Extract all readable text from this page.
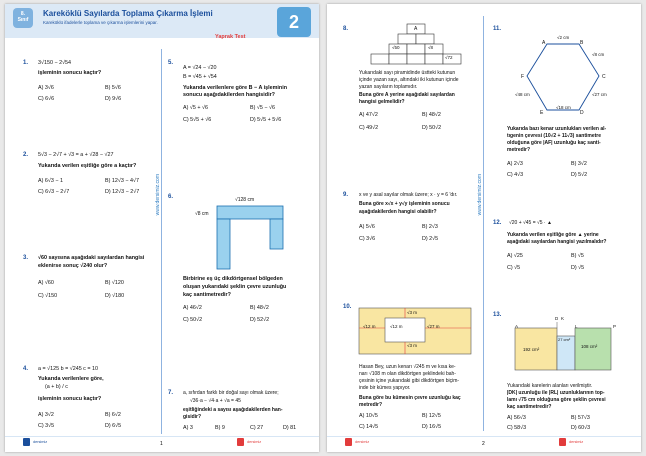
8.
Sınıf
Kareköklü Sayılarda Toplama Çıkarma İşlemi
Kareköklü ifadelerle toplama ve çıkarma işlemlerini yapar.
Yaprak Test
2
www.dersimiz.com
1. 3√150 − 2√54
işleminin sonucu kaçtır?
A) 3√6	B) 5√6
C) 6√6	D) 9√6
2. 5√3 − 2√7 + √3 = a + √28 − √27
Yukarıda verilen eşitliğe göre a kaçtır?
A) 6√3 − 1	B) 12√3 − 4√7
C) 6√3 − 2√7	D) 12√3 − 2√7
3. √60 sayısına aşağıdaki sayılardan hangisi
eklenirse sonuç √240 olur?
A) √60	B) √120
C) √150	D) √180
4. a = √125 b = √245 c = 10
Yukarıda verilenlere göre,
(a + b) / c
işleminin sonucu kaçtır?
A) 3√2	B) 6√2
C) 3√5	D) 6√5
5.
A = √24 − √20
B = √45 + √54
Yukarıda verilenlere göre B − A işleminin
sonucu aşağıdakilerden hangisidir?
A) √5 + √6	B) √5 − √6
C) 5√5 + √6	D) 5√5 + 5√6
6.	√128 cm
√8 cm
Birbirine eş üç dikdörtgensel bölgeden
oluşan yukarıdaki şeklin çevre uzunluğu
kaç santimetredir?
A) 46√2	B) 48√2
C) 50√2	D) 52√2
7. a, sıfırdan farklı bir doğal sayı olmak üzere;
√36·a − √4·a + √a = 45
eşitliğindeki a sayısı aşağıdakilerden han-
gisidir?
A) 3	B) 9	C) 27	D) 81
dersimiz	1	dersimiz
www.dersimiz.com
8.	A
√50	√8
√72
Yukarıdaki sayı piramidinde üstteki kutunun
içinde yazan sayı, altındaki iki kutunun içinde
yazan sayıların toplamıdır.
Buna göre A yerine aşağıdaki sayılardan
hangisi gelmelidir?
A) 47√2	B) 48√2
C) 49√2	D) 50√2
9. x ve y asal sayılar olmak üzere; x · y = 6 'dır.
Buna göre x√x + y√y işleminin sonucu
aşağıdakilerden hangisi olabilir?
A) 5√6	B) 2√3
C) 3√6	D) 2√5
10.
√3 m
√12 m	√27 m
√3 m
√12 m
Hasan Bey, uzun kenarı √245 m ve kısa ke-
narı √108 m olan dikdörtgen şeklindeki bah-
çesinin içine yukarıdaki gibi dikdörtgen biçim-
inde bir kümes yapıyor.
Buna göre bu kümesin çevre uzunluğu kaç
metredir?
A) 10√5	B) 12√5
C) 14√5	D) 16√5
11.
A	B
C
D
E
F
√2 cm
√8 cm
√27 cm
√18 cm
√48 cm
Yukarıda bazı kenar uzunlukları verilen al-
tıgenin çevresi (10√2 + 11√3) santimetre
olduğuna göre |AF| uzunluğu kaç santi-
metredir?
A) 2√3	B) 3√2
C) 4√3	D) 5√2
12. √20 + √45 = √5 · ▲
Yukarıda verilen eşitliğe göre ▲ yerine
aşağıdaki sayılardan hangisi yazılmalıdır?
A) √25	B) √5
C) √5	D) √5
13.
A
D K
L	P
192 cm²
27 cm²
108 cm²
Yukarıdaki karelerin alanları verilmiştir.
|DK| uzunluğu ile |RL| uzunluklarının top-
lamı √75 cm olduğuna göre şeklin çevresi
kaç santimetredir?
A) 56√3	B) 57√3
C) 58√3	D) 60√3
dersimiz	2	dersimiz
